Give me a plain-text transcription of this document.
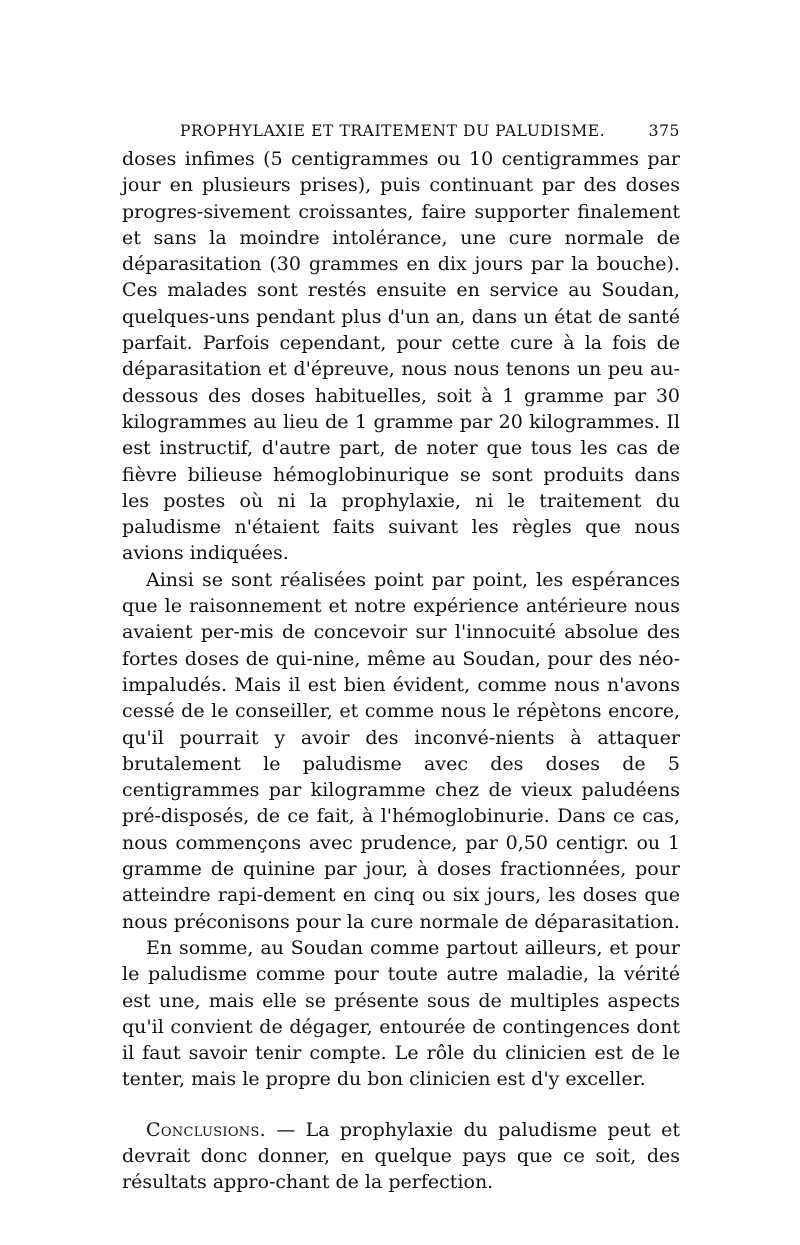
PROPHYLAXIE ET TRAITEMENT DU PALUDISME.	375

doses infimes (5 centigrammes ou 10 centigrammes par jour en plusieurs prises), puis continuant par des doses progres-sivement croissantes, faire supporter finalement et sans la moindre intolérance, une cure normale de déparasitation (30 grammes en dix jours par la bouche). Ces malades sont restés ensuite en service au Soudan, quelques-uns pendant plus d'un an, dans un état de santé parfait. Parfois cependant, pour cette cure à la fois de déparasitation et d'épreuve, nous nous tenons un peu au-dessous des doses habituelles, soit à 1 gramme par 30 kilogrammes au lieu de 1 gramme par 20 kilogrammes. Il est instructif, d'autre part, de noter que tous les cas de fièvre bilieuse hémoglobinurique se sont produits dans les postes où ni la prophylaxie, ni le traitement du paludisme n'étaient faits suivant les règles que nous avions indiquées.

Ainsi se sont réalisées point par point, les espérances que le raisonnement et notre expérience antérieure nous avaient per-mis de concevoir sur l'innocuité absolue des fortes doses de qui-nine, même au Soudan, pour des néo-impaludés. Mais il est bien évident, comme nous n'avons cessé de le conseiller, et comme nous le répètons encore, qu'il pourrait y avoir des inconvé-nients à attaquer brutalement le paludisme avec des doses de 5 centigrammes par kilogramme chez de vieux paludéens pré-disposés, de ce fait, à l'hémoglobinurie. Dans ce cas, nous commençons avec prudence, par 0,50 centigr. ou 1 gramme de quinine par jour, à doses fractionnées, pour atteindre rapi-dement en cinq ou six jours, les doses que nous préconisons pour la cure normale de déparasitation.

En somme, au Soudan comme partout ailleurs, et pour le paludisme comme pour toute autre maladie, la vérité est une, mais elle se présente sous de multiples aspects qu'il convient de dégager, entourée de contingences dont il faut savoir tenir compte. Le rôle du clinicien est de le tenter, mais le propre du bon clinicien est d'y exceller.

Conclusions. — La prophylaxie du paludisme peut et devrait donc donner, en quelque pays que ce soit, des résultats appro-chant de la perfection.
